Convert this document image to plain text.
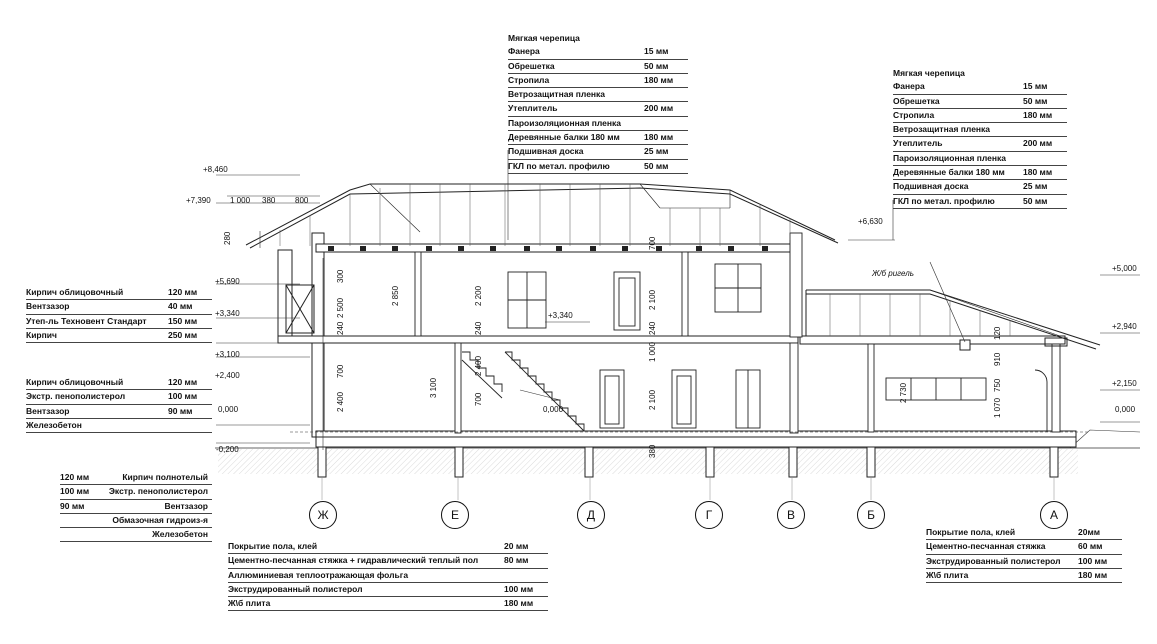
+8,460
+7,390 1 000 380 800
280
+5,690
+3,340
+3,100
+2,400
0,000
-0,200
+6,630
+5,000
+2,940
+2,150
0,000
+3,340
0,000
Ж/б ригель
300
2 500
2 850
240
700
2 400
3 100
2 200
240
2 400
700
2 100
1 000
2 100
240
700
380
2 730
1 070
750
910
120
Ж	Е	Д	Г	В	Б	А
Мягкая черепица
Фанера	15 мм
Обрешетка	50 мм
Стропила	180 мм
Ветрозащитная пленка
Утеплитель	200 мм
Пароизоляционная пленка
Деревянные балки 180 мм	180 мм
Подшивная доска	25 мм
ГКЛ по метал. профилю	50 мм
Мягкая черепица
Фанера	15 мм
Обрешетка	50 мм
Стропила	180 мм
Ветрозащитная пленка
Утеплитель	200 мм
Пароизоляционная пленка
Деревянные балки 180 мм	180 мм
Подшивная доска	25 мм
ГКЛ по метал. профилю	50 мм
Кирпич облицовочный	120 мм
Вентзазор	40 мм
Утеп-ль Техновент Стандарт	150 мм
Кирпич	250 мм
Кирпич облицовочный	120 мм
Экстр. пенополистерол	100 мм
Вентзазор	90 мм
Железобетон
120 мм	Кирпич полнотелый
100 мм	Экстр. пенополистерол
90 мм	Вентзазор
Обмазочная гидроиз-я
Железобетон
Покрытие пола, клей	20 мм
Цементно-песчанная стяжка + гидравлический теплый пол	80 мм
Аллюминиевая теплоотражающая фольга
Экструдированный полистерол	100 мм
Ж\б плита	180 мм
Покрытие пола, клей	20мм
Цементно-песчанная стяжка	60 мм
Экструдированный полистерол	100 мм
Ж\б плита	180 мм
